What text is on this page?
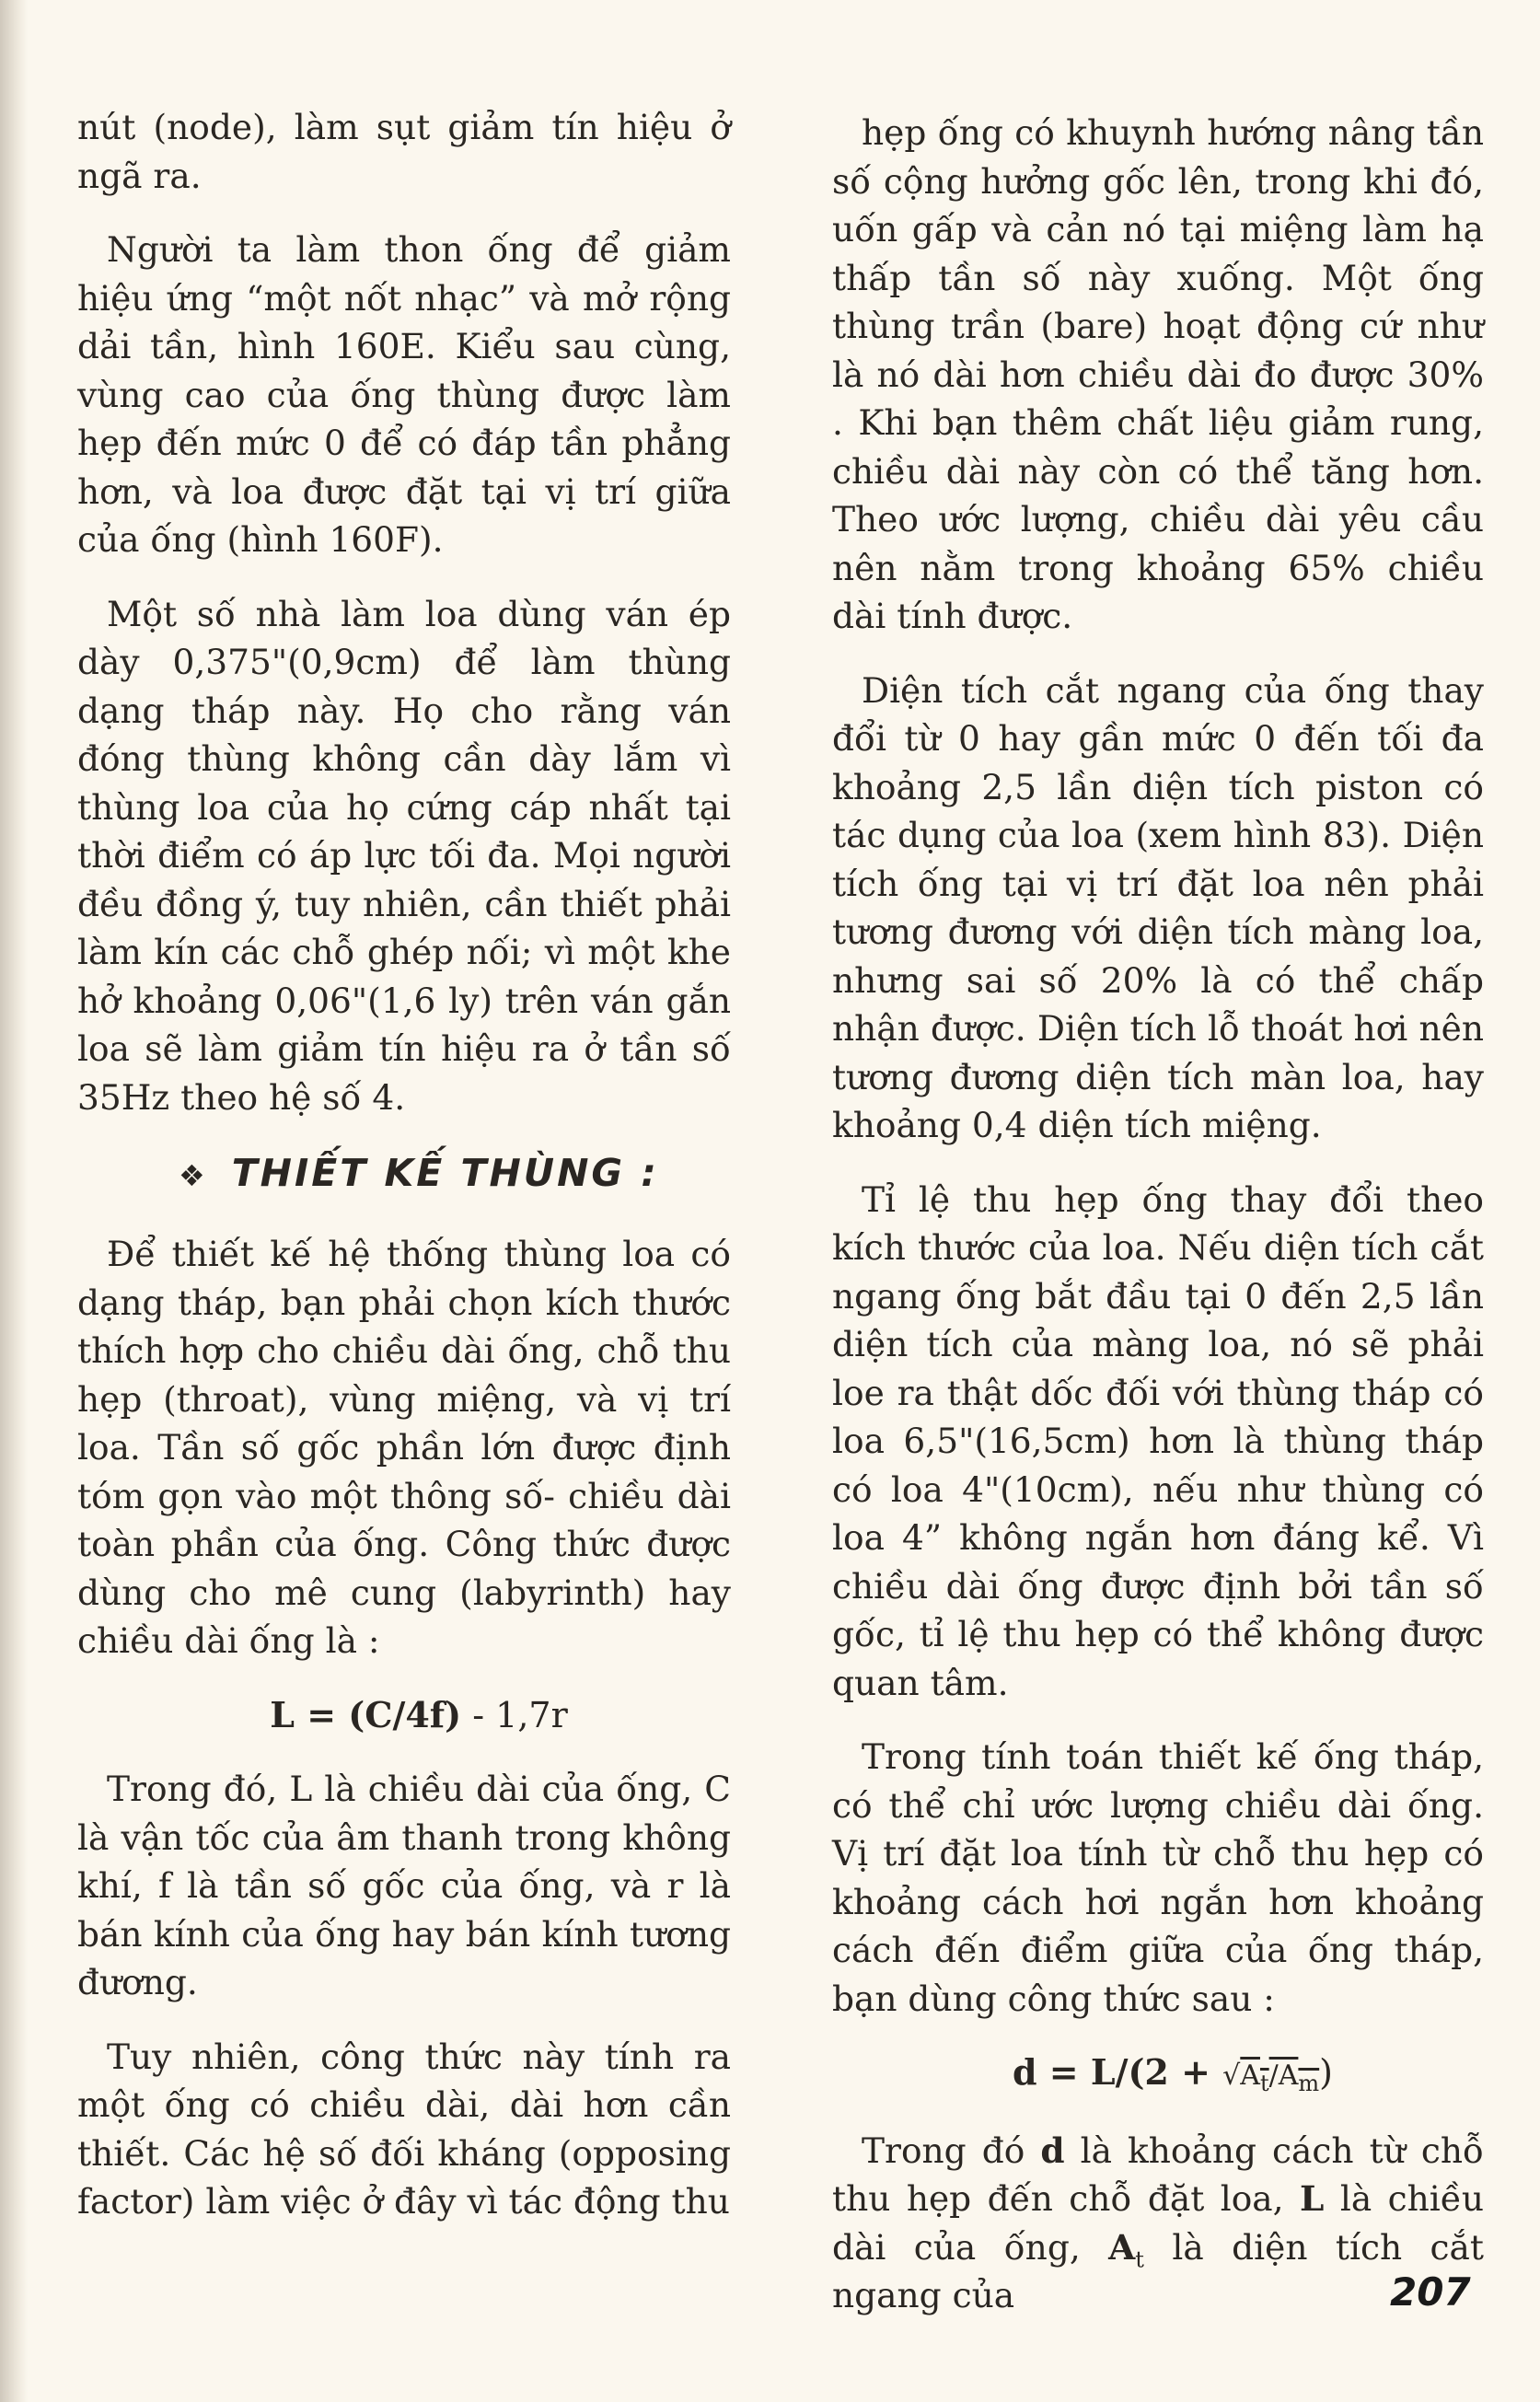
nút (node), làm sụt giảm tín hiệu ở ngã ra.

Người ta làm thon ống để giảm hiệu ứng “một nốt nhạc” và mở rộng dải tần, hình 160E. Kiểu sau cùng, vùng cao của ống thùng được làm hẹp đến mức 0 để có đáp tần phẳng hơn, và loa được đặt tại vị trí giữa của ống (hình 160F).

Một số nhà làm loa dùng ván ép dày 0,375"(0,9cm) để làm thùng dạng tháp này. Họ cho rằng ván đóng thùng không cần dày lắm vì thùng loa của họ cứng cáp nhất tại thời điểm có áp lực tối đa. Mọi người đều đồng ý, tuy nhiên, cần thiết phải làm kín các chỗ ghép nối; vì một khe hở khoảng 0,06"(1,6 ly) trên ván gắn loa sẽ làm giảm tín hiệu ra ở tần số 35Hz theo hệ số 4.

❖ THIẾT KẾ THÙNG :

Để thiết kế hệ thống thùng loa có dạng tháp, bạn phải chọn kích thước thích hợp cho chiều dài ống, chỗ thu hẹp (throat), vùng miệng, và vị trí loa. Tần số gốc phần lớn được định tóm gọn vào một thông số- chiều dài toàn phần của ống. Công thức được dùng cho mê cung (labyrinth) hay chiều dài ống là :

L = (C/4f) - 1,7r

Trong đó, L là chiều dài của ống, C là vận tốc của âm thanh trong không khí, f là tần số gốc của ống, và r là bán kính của ống hay bán kính tương đương.

Tuy nhiên, công thức này tính ra một ống có chiều dài, dài hơn cần thiết. Các hệ số đối kháng (opposing factor) làm việc ở đây vì tác động thu

hẹp ống có khuynh hướng nâng tần số cộng hưởng gốc lên, trong khi đó, uốn gấp và cản nó tại miệng làm hạ thấp tần số này xuống. Một ống thùng trần (bare) hoạt động cứ như là nó dài hơn chiều dài đo được 30% . Khi bạn thêm chất liệu giảm rung, chiều dài này còn có thể tăng hơn. Theo ước lượng, chiều dài yêu cầu nên nằm trong khoảng 65% chiều dài tính được.

Diện tích cắt ngang của ống thay đổi từ 0 hay gần mức 0 đến tối đa khoảng 2,5 lần diện tích piston có tác dụng của loa (xem hình 83). Diện tích ống tại vị trí đặt loa nên phải tương đương với diện tích màng loa, nhưng sai số 20% là có thể chấp nhận được. Diện tích lỗ thoát hơi nên tương đương diện tích màn loa, hay khoảng 0,4 diện tích miệng.

Tỉ lệ thu hẹp ống thay đổi theo kích thước của loa. Nếu diện tích cắt ngang ống bắt đầu tại 0 đến 2,5 lần diện tích của màng loa, nó sẽ phải loe ra thật dốc đối với thùng tháp có loa 6,5"(16,5cm) hơn là thùng tháp có loa 4"(10cm), nếu như thùng có loa 4” không ngắn hơn đáng kể. Vì chiều dài ống được định bởi tần số gốc, tỉ lệ thu hẹp có thể không được quan tâm.

Trong tính toán thiết kế ống tháp, có thể chỉ ước lượng chiều dài ống. Vị trí đặt loa tính từ chỗ thu hẹp có khoảng cách hơi ngắn hơn khoảng cách đến điểm giữa của ống tháp, bạn dùng công thức sau :

$d = L/(2 + √A_t/A_m)$

Trong đó d là khoảng cách từ chỗ thu hẹp đến chỗ đặt loa, L là chiều dài của ống, $A_t$ là diện tích cắt ngang của	207
